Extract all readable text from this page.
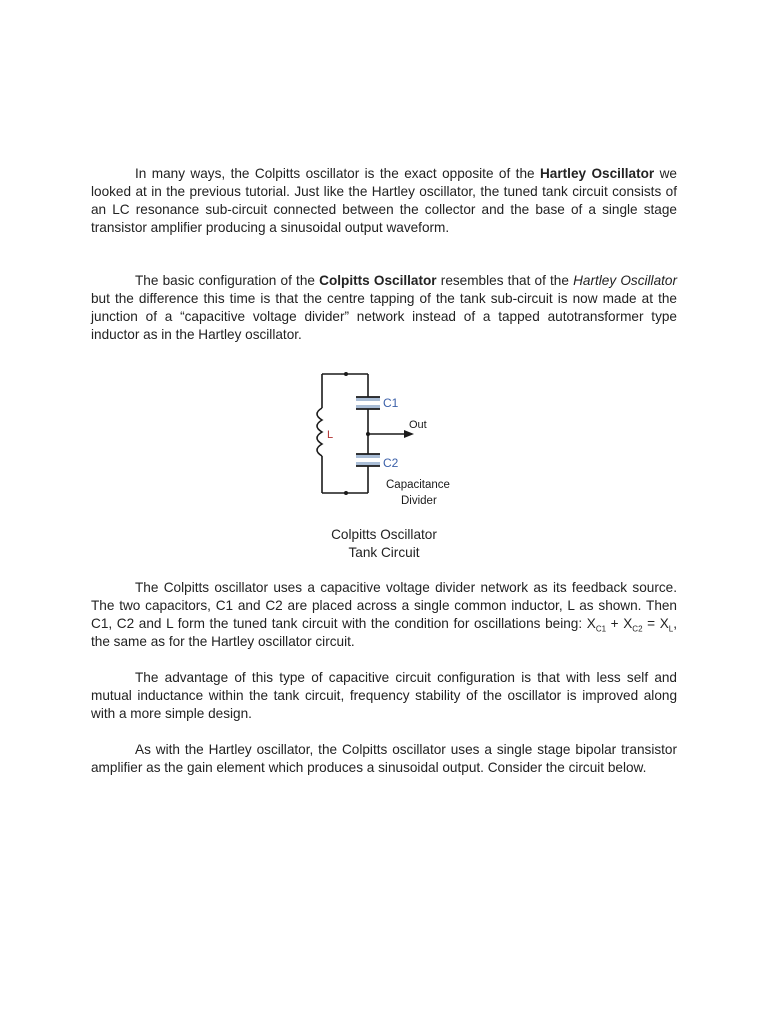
In many ways, the Colpitts oscillator is the exact opposite of the Hartley Oscillator we looked at in the previous tutorial. Just like the Hartley oscillator, the tuned tank circuit consists of an LC resonance sub-circuit connected between the collector and the base of a single stage transistor amplifier producing a sinusoidal output waveform.

The basic configuration of the Colpitts Oscillator resembles that of the Hartley Oscillator but the difference this time is that the centre tapping of the tank sub-circuit is now made at the junction of a “capacitive voltage divider” network instead of a tapped autotransformer type inductor as in the Hartley oscillator.

C1
C2
L
Out
Capacitance
Divider
Colpitts Oscillator
Tank Circuit

The Colpitts oscillator uses a capacitive voltage divider network as its feedback source. The two capacitors, C1 and C2 are placed across a single common inductor, L as shown. Then C1, C2 and L form the tuned tank circuit with the condition for oscillations being: $X_{C1} + X_{C2} = X_L$, the same as for the Hartley oscillator circuit.

The advantage of this type of capacitive circuit configuration is that with less self and mutual inductance within the tank circuit, frequency stability of the oscillator is improved along with a more simple design.

As with the Hartley oscillator, the Colpitts oscillator uses a single stage bipolar transistor amplifier as the gain element which produces a sinusoidal output. Consider the circuit below.
